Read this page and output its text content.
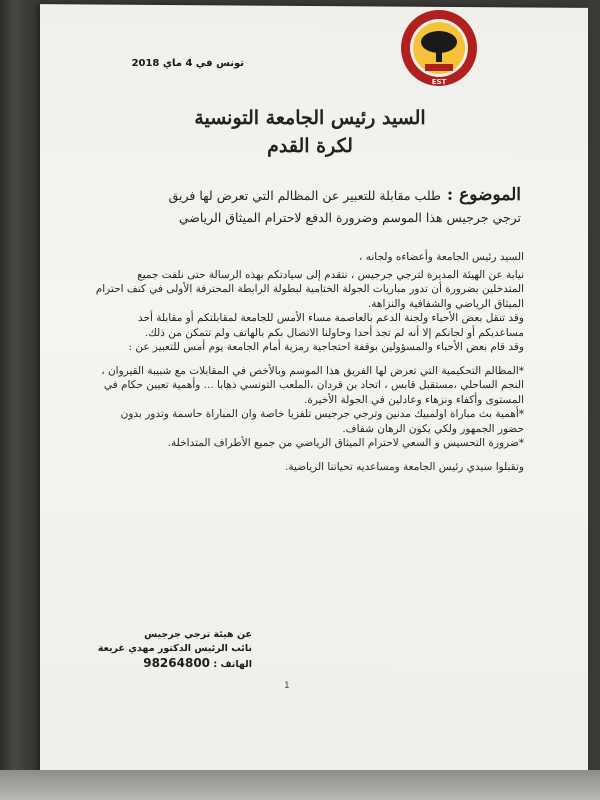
EST
تونس في 4 ماي 2018
السيد رئيس الجامعة التونسية
لكرة القدم
الموضوع :طلب مقابلة للتعبير عن المظالم التي تعرض لها فريق
ترجي جرجيس هذا الموسم وضرورة الدفع لاحترام الميثاق الرياضي

السيد رئيس الجامعة وأعضاءه ولجانه ،

نيابة عن الهيئة المديرة لترجي جرجيس ، نتقدم إلى سيادتكم بهذه الرسالة حتى نلفت جميع المتدخلين بضرورة أن تدور مباريات الجولة الختامية لبطولة الرابطة المحترفة الأولى في كنف احترام الميثاق الرياضي والشفافية والنزاهة.

وقد تنقل بعض الأحباء ولجنة الدعم بالعاصمة مساء الأمس للجامعة لمقابلتكم أو مقابلة أحد مساعديكم أو لجانكم إلا أنه لم تجد أحدا وحاولنا الاتصال بكم بالهاتف ولم تتمكن من ذلك.

وقد قام بعض الأحباء والمسؤولين بوقفة احتجاجية رمزية أمام الجامعة يوم أمس للتعبير عن :

*المظالم التحكيمية التي تعرض لها الفريق هذا الموسم وبالأخص في المقابلات مع شبيبة القيروان ، النجم الساحلي ،مستقبل قابس ، اتحاد بن قردان ،الملعب التونسي ذهابا ... وأهمية تعيين حكام في المستوى وأكفاء ونزهاء وعادلين في الجولة الأخيرة.

*أهمية بث مباراة اولمبيك مدنين وترجي جرجيس تلفزيا خاصة وان المباراة حاسمة وتدور بدون حضور الجمهور ولكي يكون الرهان شفاف.

*ضرورة التحسيس و السعي لاحترام الميثاق الرياضي من جميع الأطراف المتداخلة.

وتقبلوا سيدي رئيس الجامعة ومساعديه تحياتنا الرياضية.

عن هيئة ترجي جرجيس

نائب الرئيس الدكتور مهدي غريعة

الهاتف : 98264800

1
